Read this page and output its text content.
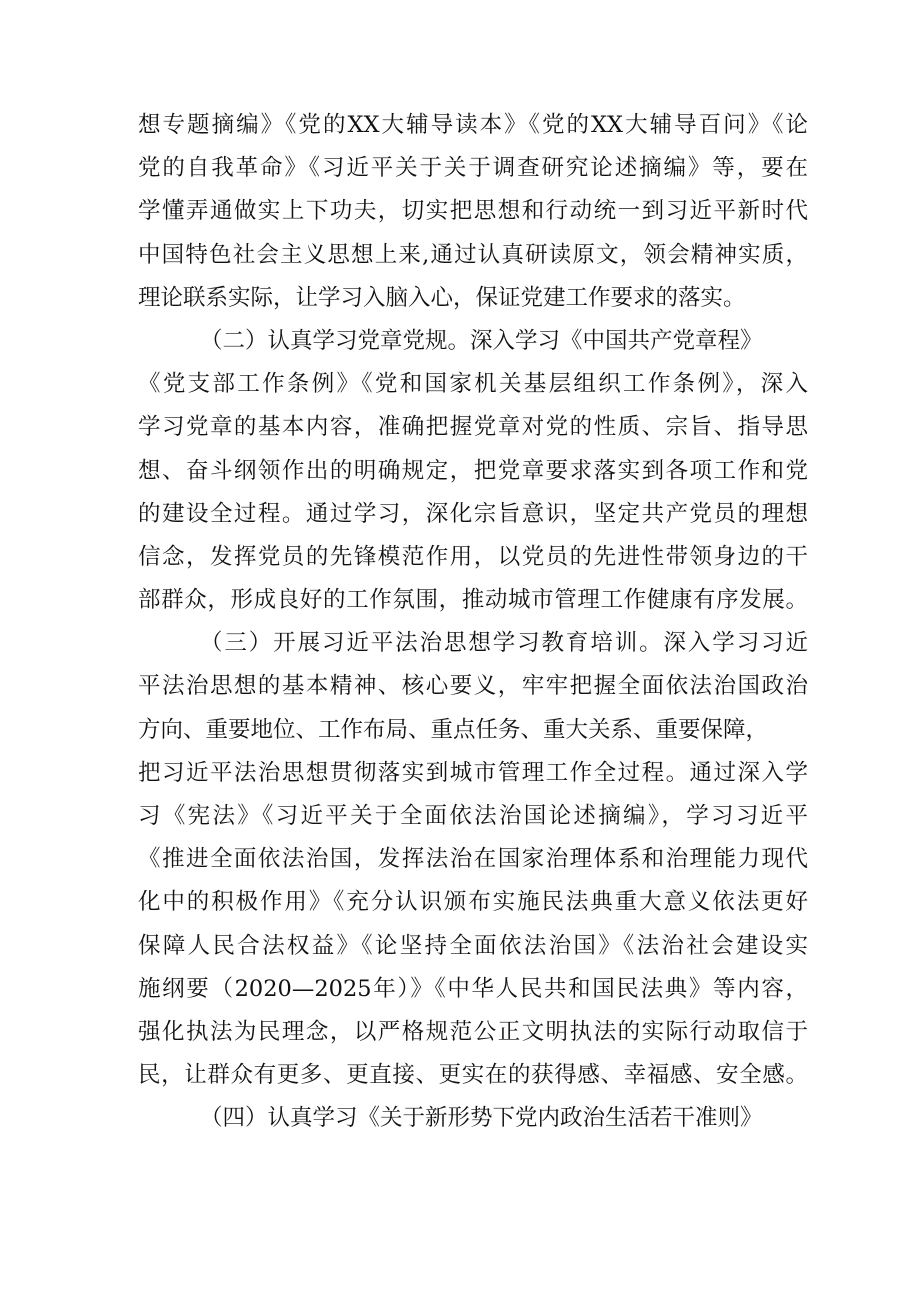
想专题摘编》《党的XX大辅导读本》《党的XX大辅导百问》《论
党的自我革命》《习近平关于关于调查研究论述摘编》等，要在
学懂弄通做实上下功夫，切实把思想和行动统一到习近平新时代
中国特色社会主义思想上来,通过认真研读原文，领会精神实质，
理论联系实际，让学习入脑入心，保证党建工作要求的落实。
（二）认真学习党章党规。深入学习《中国共产党章程》
《党支部工作条例》《党和国家机关基层组织工作条例》，深入
学习党章的基本内容，准确把握党章对党的性质、宗旨、指导思
想、奋斗纲领作出的明确规定，把党章要求落实到各项工作和党
的建设全过程。通过学习，深化宗旨意识，坚定共产党员的理想
信念，发挥党员的先锋模范作用，以党员的先进性带领身边的干
部群众，形成良好的工作氛围，推动城市管理工作健康有序发展。
（三）开展习近平法治思想学习教育培训。深入学习习近
平法治思想的基本精神、核心要义，牢牢把握全面依法治国政治
方向、重要地位、工作布局、重点任务、重大关系、重要保障，
把习近平法治思想贯彻落实到城市管理工作全过程。通过深入学
习《宪法》《习近平关于全面依法治国论述摘编》，学习习近平
《推进全面依法治国，发挥法治在国家治理体系和治理能力现代
化中的积极作用》《充分认识颁布实施民法典重大意义依法更好
保障人民合法权益》《论坚持全面依法治国》《法治社会建设实
施纲要（2020—2025年）》《中华人民共和国民法典》等内容，
强化执法为民理念，以严格规范公正文明执法的实际行动取信于
民，让群众有更多、更直接、更实在的获得感、幸福感、安全感。
（四）认真学习《关于新形势下党内政治生活若干准则》
